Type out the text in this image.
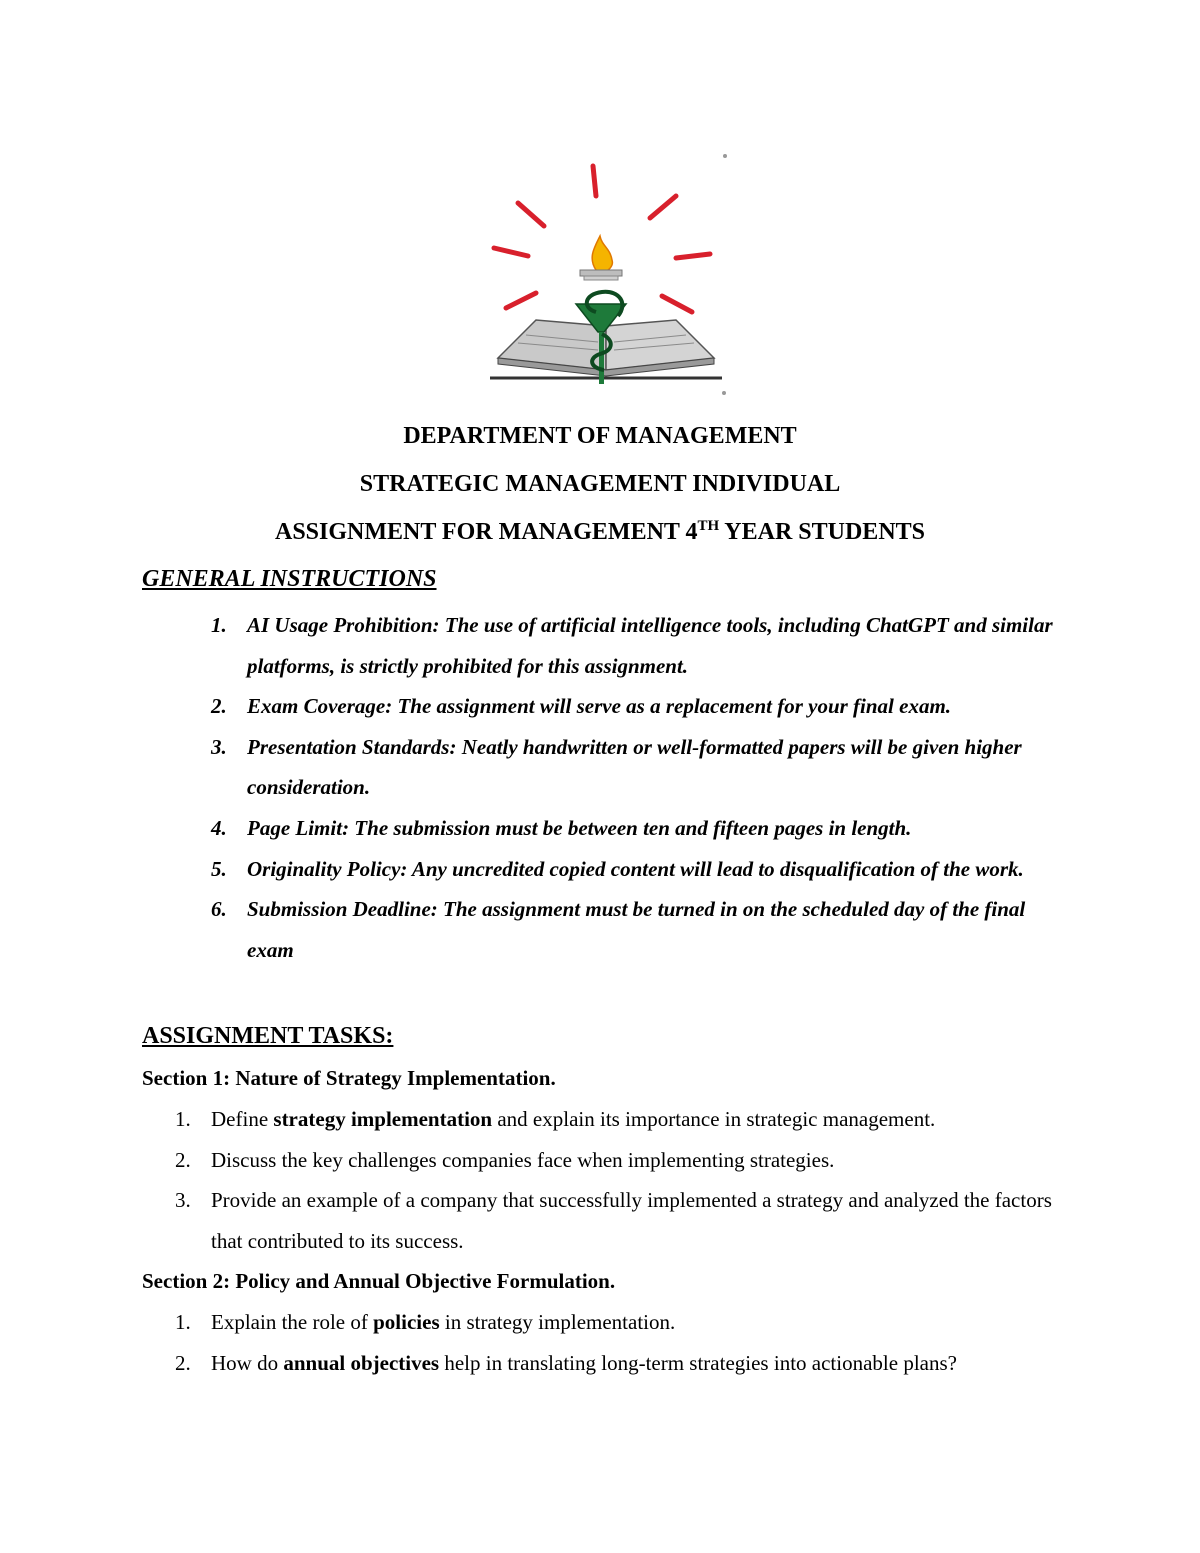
DEPARTMENT OF MANAGEMENT
STRATEGIC MANAGEMENT INDIVIDUAL
ASSIGNMENT FOR MANAGEMENT 4TH YEAR STUDENTS
GENERAL INSTRUCTIONS
1. AI Usage Prohibition: The use of artificial intelligence tools, including ChatGPT and similar platforms, is strictly prohibited for this assignment.
2. Exam Coverage: The assignment will serve as a replacement for your final exam.
3. Presentation Standards: Neatly handwritten or well-formatted papers will be given higher consideration.
4. Page Limit: The submission must be between ten and fifteen pages in length.
5. Originality Policy: Any uncredited copied content will lead to disqualification of the work.
6. Submission Deadline: The assignment must be turned in on the scheduled day of the final exam
ASSIGNMENT TASKS:

Section 1: Nature of Strategy Implementation.

1. Define strategy implementation and explain its importance in strategic management.
2. Discuss the key challenges companies face when implementing strategies.
3. Provide an example of a company that successfully implemented a strategy and analyzed the factors that contributed to its success.

Section 2: Policy and Annual Objective Formulation.

1. Explain the role of policies in strategy implementation.
2. How do annual objectives help in translating long-term strategies into actionable plans?
